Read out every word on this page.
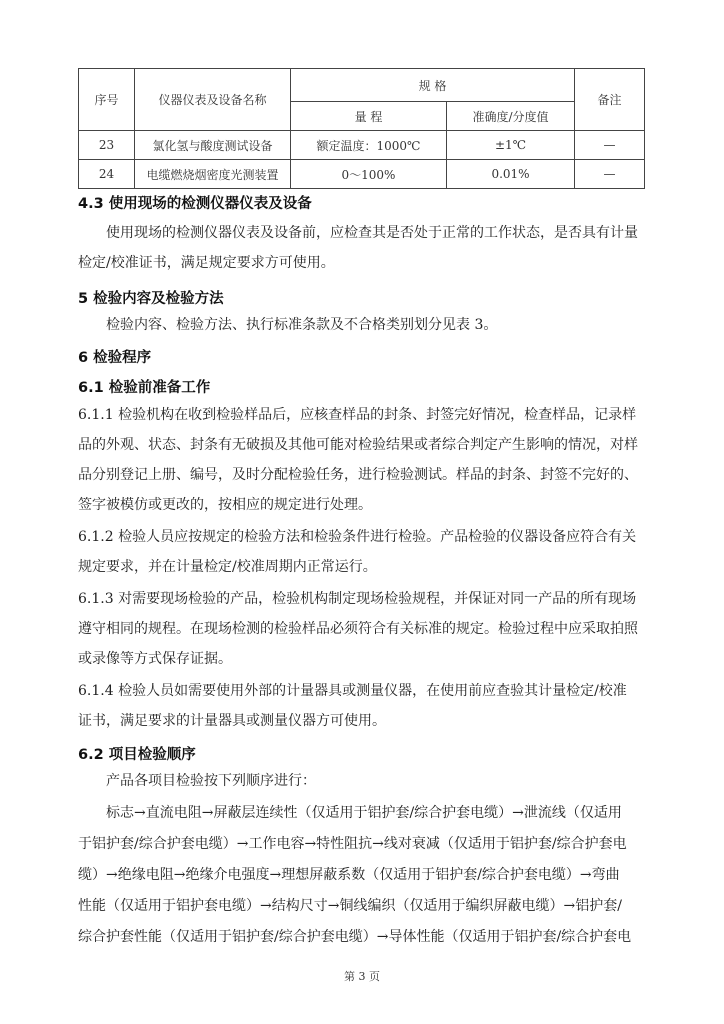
序号	仪器仪表及设备名称	规 格		备注
		量 程	准确度/分度值	
23	氯化氢与酸度测试设备	额定温度：1000℃	±1℃	—
24	电缆燃烧烟密度光测装置	0～100%	0.01%	—
4.3 使用现场的检测仪器仪表及设备
使用现场的检测仪器仪表及设备前，应检查其是否处于正常的工作状态，是否具有计量
检定/校准证书，满足规定要求方可使用。
5 检验内容及检验方法
检验内容、检验方法、执行标准条款及不合格类别划分见表 3。
6 检验程序
6.1 检验前准备工作
6.1.1 检验机构在收到检验样品后，应核查样品的封条、封签完好情况，检查样品，记录样
品的外观、状态、封条有无破损及其他可能对检验结果或者综合判定产生影响的情况，对样
品分别登记上册、编号，及时分配检验任务，进行检验测试。样品的封条、封签不完好的、
签字被模仿或更改的，按相应的规定进行处理。
6.1.2 检验人员应按规定的检验方法和检验条件进行检验。产品检验的仪器设备应符合有关
规定要求，并在计量检定/校准周期内正常运行。
6.1.3 对需要现场检验的产品，检验机构制定现场检验规程，并保证对同一产品的所有现场
遵守相同的规程。在现场检测的检验样品必须符合有关标准的规定。检验过程中应采取拍照
或录像等方式保存证据。
6.1.4 检验人员如需要使用外部的计量器具或测量仪器，在使用前应查验其计量检定/校准
证书，满足要求的计量器具或测量仪器方可使用。
6.2 项目检验顺序
产品各项目检验按下列顺序进行：
标志→直流电阻→屏蔽层连续性（仅适用于铝护套/综合护套电缆）→泄流线（仅适用
于铝护套/综合护套电缆）→工作电容→特性阻抗→线对衰减（仅适用于铝护套/综合护套电
缆）→绝缘电阻→绝缘介电强度→理想屏蔽系数（仅适用于铝护套/综合护套电缆）→弯曲
性能（仅适用于铝护套电缆）→结构尺寸→铜线编织（仅适用于编织屏蔽电缆）→铝护套/
综合护套性能（仅适用于铝护套/综合护套电缆）→导体性能（仅适用于铝护套/综合护套电
第 3 页
